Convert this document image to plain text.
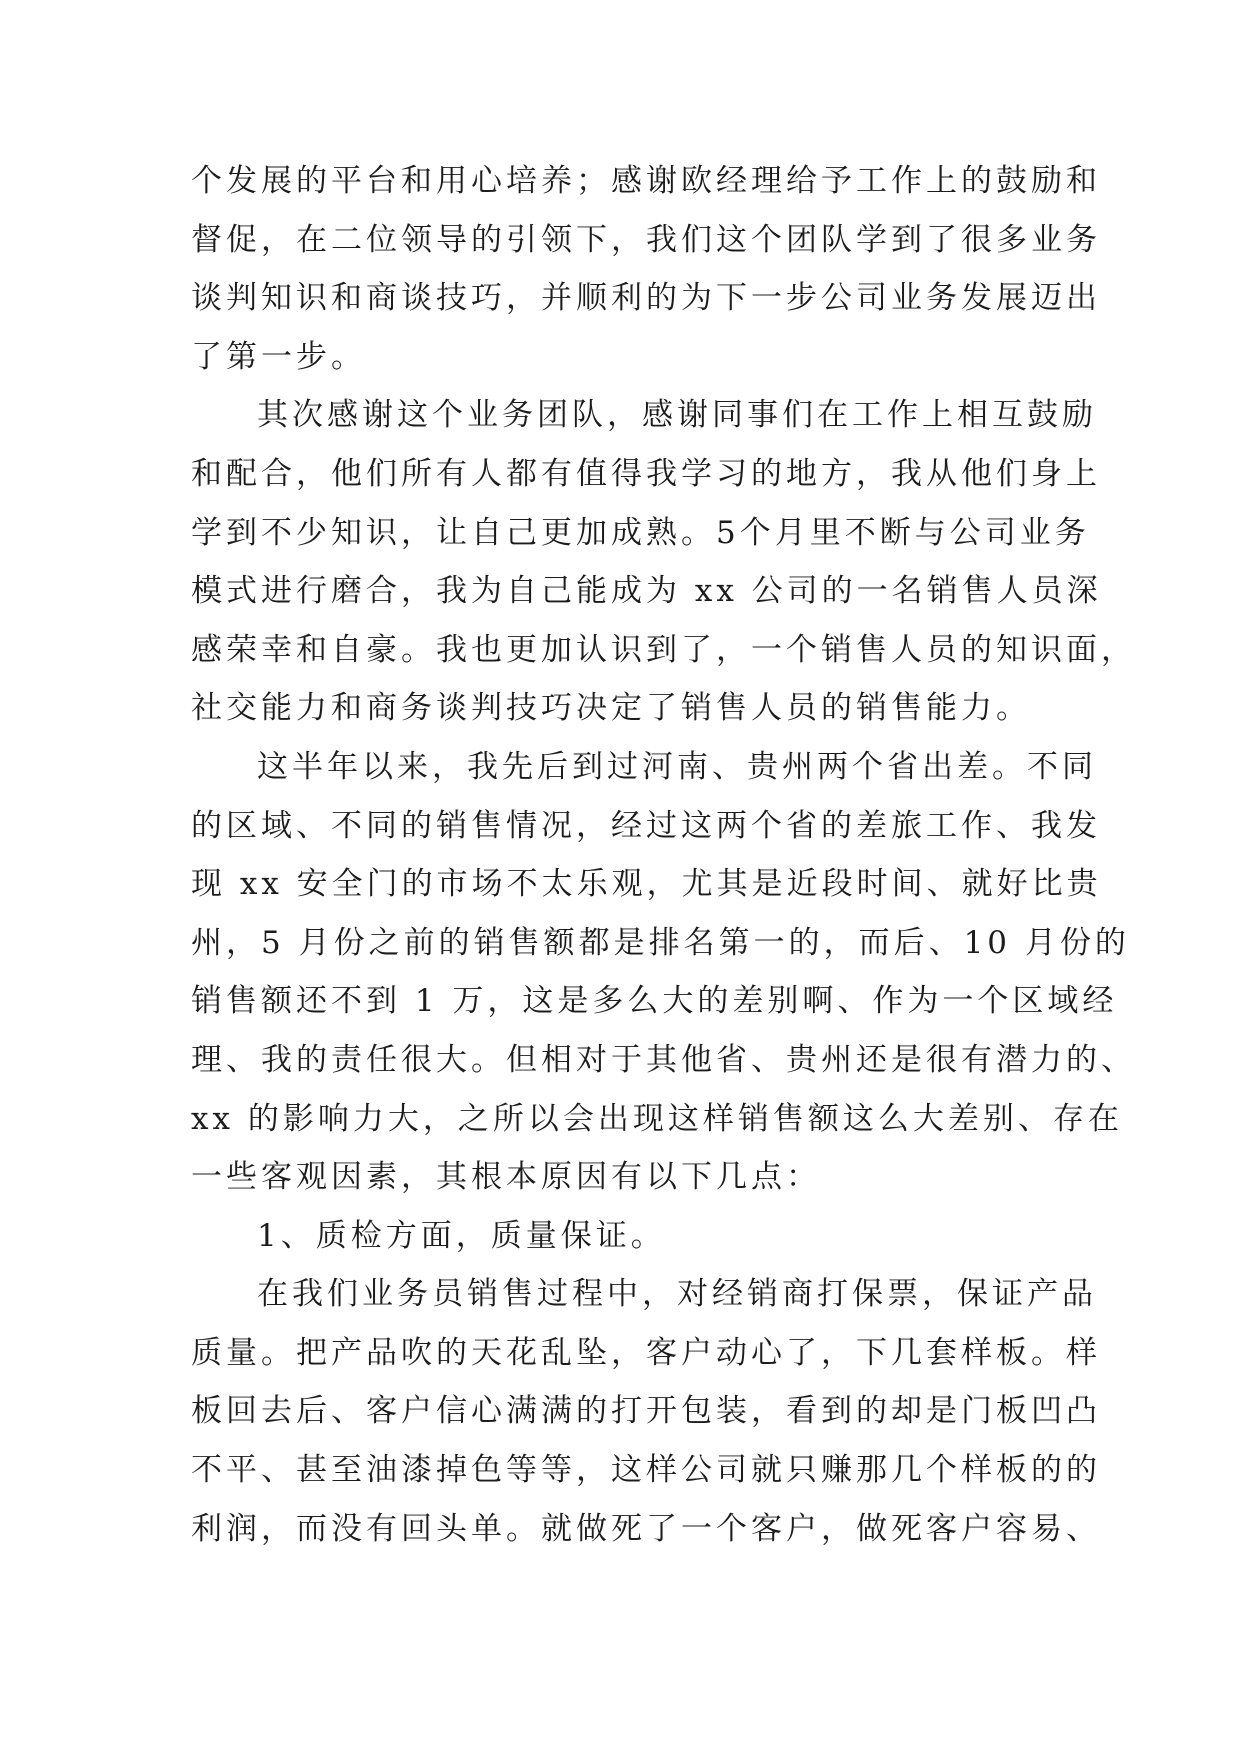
个发展的平台和用心培养；感谢欧经理给予工作上的鼓励和
督促，在二位领导的引领下，我们这个团队学到了很多业务
谈判知识和商谈技巧，并顺利的为下一步公司业务发展迈出
了第一步。
其次感谢这个业务团队，感谢同事们在工作上相互鼓励
和配合，他们所有人都有值得我学习的地方，我从他们身上
学到不少知识，让自己更加成熟。5个月里不断与公司业务
模式进行磨合，我为自己能成为 xx 公司的一名销售人员深
感荣幸和自豪。我也更加认识到了，一个销售人员的知识面，
社交能力和商务谈判技巧决定了销售人员的销售能力。
这半年以来，我先后到过河南、贵州两个省出差。不同
的区域、不同的销售情况，经过这两个省的差旅工作、我发
现 xx 安全门的市场不太乐观，尤其是近段时间、就好比贵
州，5 月份之前的销售额都是排名第一的，而后、10 月份的
销售额还不到 1 万，这是多么大的差别啊、作为一个区域经
理、我的责任很大。但相对于其他省、贵州还是很有潜力的、
xx 的影响力大，之所以会出现这样销售额这么大差别、存在
一些客观因素，其根本原因有以下几点：
1、质检方面，质量保证。
在我们业务员销售过程中，对经销商打保票，保证产品
质量。把产品吹的天花乱坠，客户动心了，下几套样板。样
板回去后、客户信心满满的打开包装，看到的却是门板凹凸
不平、甚至油漆掉色等等，这样公司就只赚那几个样板的的
利润，而没有回头单。就做死了一个客户，做死客户容易、
